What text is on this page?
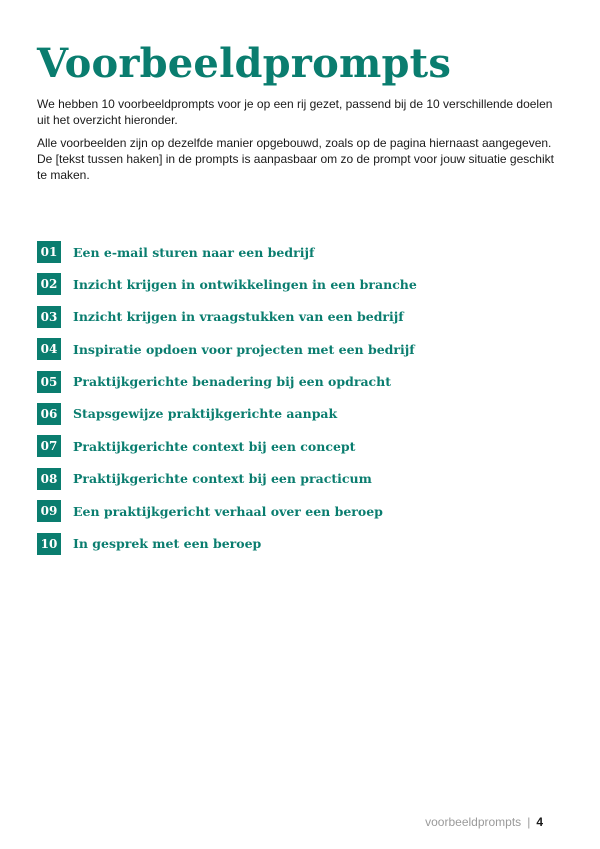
Voorbeeldprompts

We hebben 10 voorbeeldprompts voor je op een rij gezet, passend bij de 10 verschillende doelen uit het overzicht hieronder.

Alle voorbeelden zijn op dezelfde manier opgebouwd, zoals op de pagina hiernaast aangegeven. De [tekst tussen haken] in de prompts is aanpasbaar om zo de prompt voor jouw situatie geschikt te maken.

01 Een e-mail sturen naar een bedrijf
02 Inzicht krijgen in ontwikkelingen in een branche
03 Inzicht krijgen in vraagstukken van een bedrijf
04 Inspiratie opdoen voor projecten met een bedrijf
05 Praktijkgerichte benadering bij een opdracht
06 Stapsgewijze praktijkgerichte aanpak
07 Praktijkgerichte context bij een concept
08 Praktijkgerichte context bij een practicum
09 Een praktijkgericht verhaal over een beroep
10 In gesprek met een beroep
voorbeeldprompts | 4
